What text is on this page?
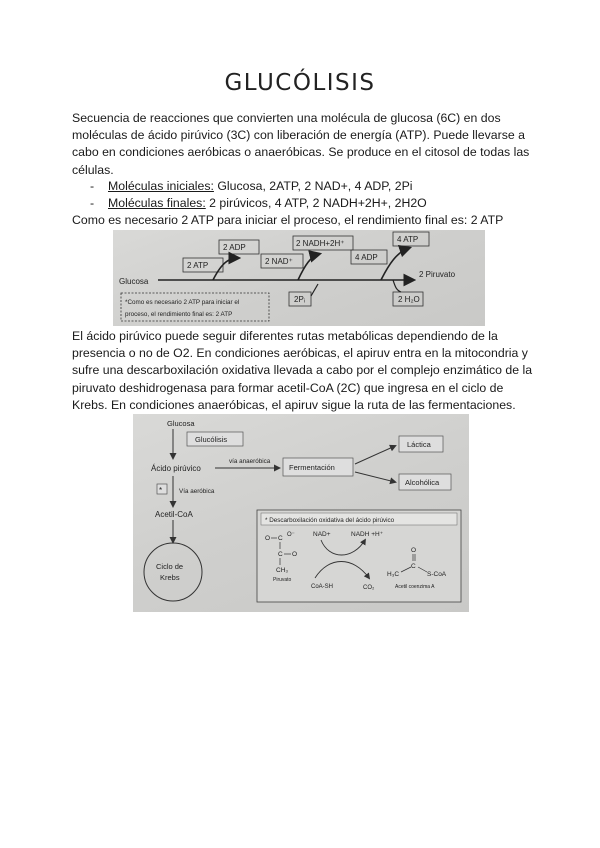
GLUCÓLISIS

Secuencia de reacciones que convierten una molécula de glucosa (6C) en dos moléculas de ácido pirúvico (3C) con liberación de energía (ATP). Puede llevarse a cabo en condiciones aeróbicas o anaeróbicas. Se produce en el citosol de todas las células.

- Moléculas iniciales: Glucosa, 2ATP, 2 NAD+, 4 ADP, 2Pi
- Moléculas finales: 2 pirúvicos, 4 ATP, 2 NADH+2H+, 2H2O

Como es necesario 2 ATP para iniciar el proceso, el rendimiento final es: 2 ATP

Glucosa
2 Piruvato
2 ATP
2 ADP
2 NAD⁺
2 NADH+2H⁺
2Pᵢ
4 ADP
4 ATP
2 H₂O
*Como es necesario 2 ATP para iniciar el
proceso, el rendimiento final es: 2 ATP

El ácido pirúvico puede seguir diferentes rutas metabólicas dependiendo de la presencia o no de O2. En condiciones aeróbicas, el apiruv entra en la mitocondria y sufre una descarboxilación oxidativa llevada a cabo por el complejo enzimático de la piruvato deshidrogenasa para formar acetil-CoA (2C) que ingresa en el ciclo de Krebs. En condiciones anaeróbicas, el apiruv sigue la ruta de las fermentaciones.

Glucosa
Glucólisis
Ácido pirúvico
vía anaeróbica
Fermentación
Láctica
Alcohólica
*	Vía aeróbica
Acetil-CoA
Ciclo de
Krebs
* Descarboxilación oxidativa del ácido pirúvico
O C O⁻
C O
CH₃
Piruvato
NAD+	NADH +H⁺
CoA-SH	CO₂
O
C
H₃C	S-CoA
Acetil coenzima A
